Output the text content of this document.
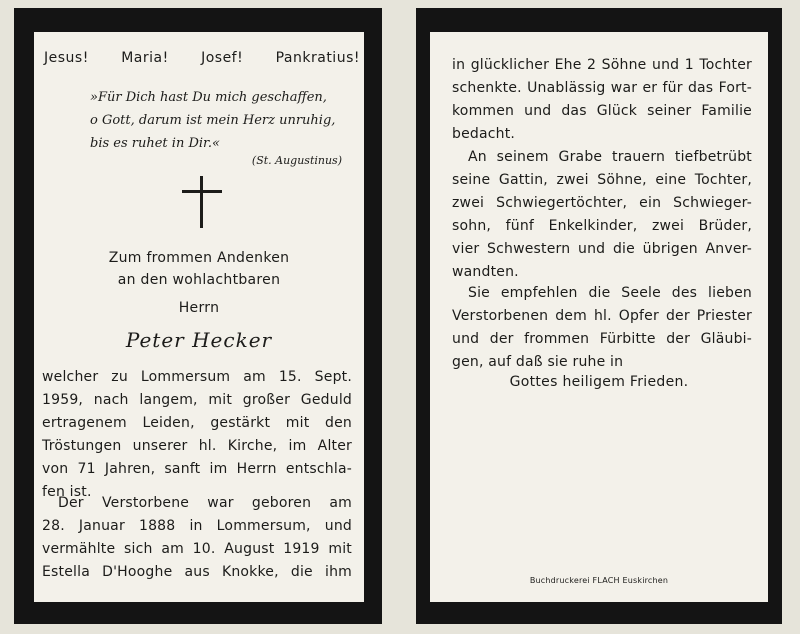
Jesus! Maria! Josef! Pankratius!
»Für Dich hast Du mich geschaffen,
o Gott, darum ist mein Herz unruhig,
bis es ruhet in Dir.«
(St. Augustinus)
Zum frommen Andenken
an den wohlachtbaren
Herrn
Peter Hecker
welcher zu Lommersum am 15. Sept.
1959, nach langem, mit großer Geduld
ertragenem Leiden, gestärkt mit den
Tröstungen unserer hl. Kirche, im Alter
von 71 Jahren, sanft im Herrn entschla-
fen ist.
Der Verstorbene war geboren am
28. Januar 1888 in Lommersum, und
vermählte sich am 10. August 1919 mit
Estella D'Hooghe aus Knokke, die ihm
in glücklicher Ehe 2 Söhne und 1 Tochter
schenkte. Unablässig war er für das Fort-
kommen und das Glück seiner Familie
bedacht.
An seinem Grabe trauern tiefbetrübt
seine Gattin, zwei Söhne, eine Tochter,
zwei Schwiegertöchter, ein Schwieger-
sohn, fünf Enkelkinder, zwei Brüder,
vier Schwestern und die übrigen Anver-
wandten.
Sie empfehlen die Seele des lieben
Verstorbenen dem hl. Opfer der Priester
und der frommen Fürbitte der Gläubi-
gen, auf daß sie ruhe in
Gottes heiligem Frieden.
Buchdruckerei FLACH Euskirchen
